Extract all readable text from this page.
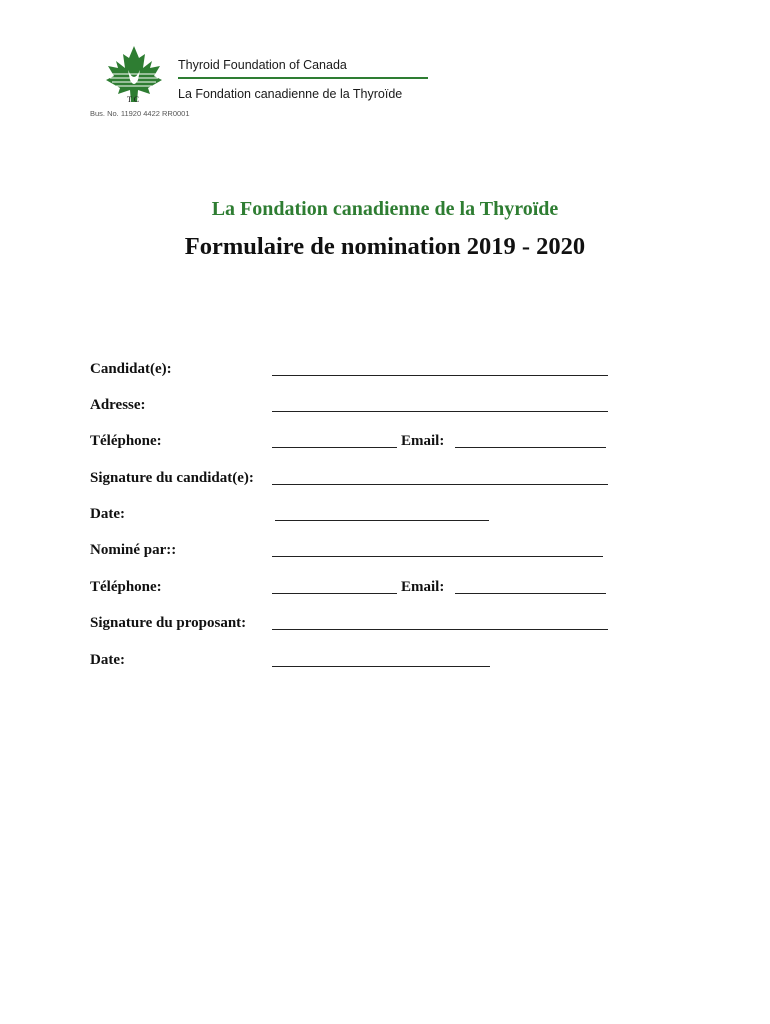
T C
Thyroid Foundation of Canada
La Fondation canadienne de la Thyroïde
Bus. No. 11920 4422 RR0001
La Fondation canadienne de la Thyroïde
Formulaire de nomination 2019 - 2020
Candidat(e):
Adresse:
Téléphone:	Email:
Signature du candidat(e):
Date:
Nominé par::
Téléphone:	Email:
Signature du proposant:
Date:
